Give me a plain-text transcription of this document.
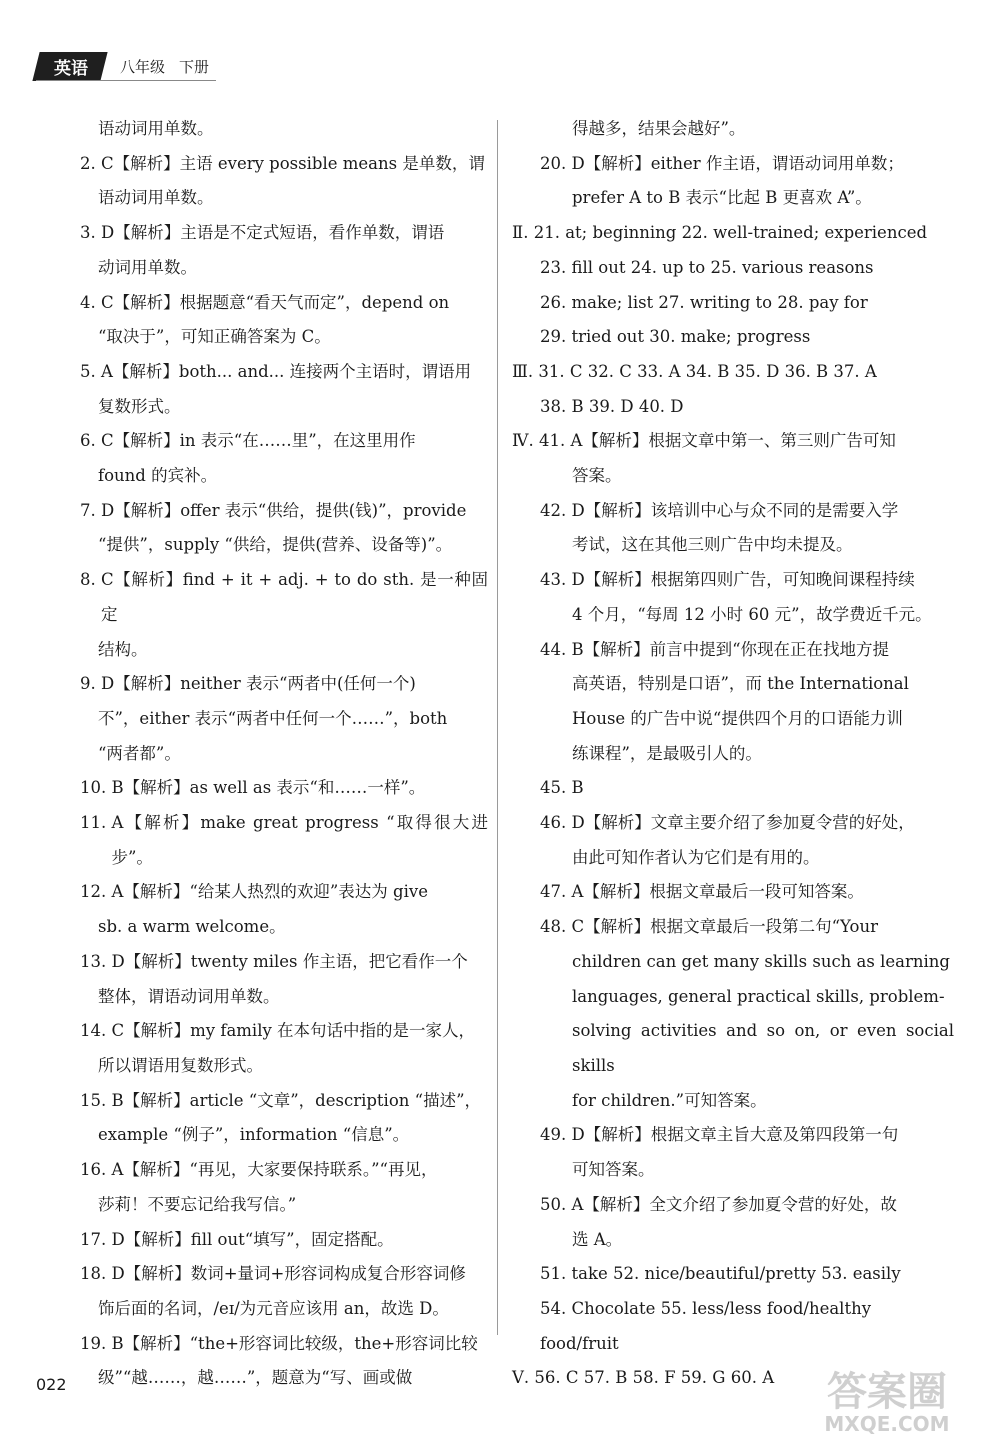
英语	八年级 下册
语动词用单数。
2. C【解析】主语 every possible means 是单数，谓
语动词用单数。
3. D【解析】主语是不定式短语，看作单数，谓语
动词用单数。
4. C【解析】根据题意“看天气而定”，depend on
“取决于”，可知正确答案为 C。
5. A【解析】both... and... 连接两个主语时，谓语用
复数形式。
6. C【解析】in 表示“在……里”，在这里用作
found 的宾补。
7. D【解析】offer 表示“供给，提供(钱)”，provide
“提供”，supply “供给，提供(营养、设备等)”。
8. C【解析】find + it + adj. + to do sth. 是一种固定
结构。
9. D【解析】neither 表示“两者中(任何一个)
不”，either 表示“两者中任何一个……”，both
“两者都”。
10. B【解析】as well as 表示“和……一样”。
11. A【解析】make great progress “取得很大进步”。
12. A【解析】“给某人热烈的欢迎”表达为 give
sb. a warm welcome。
13. D【解析】twenty miles 作主语，把它看作一个
整体，谓语动词用单数。
14. C【解析】my family 在本句话中指的是一家人，
所以谓语用复数形式。
15. B【解析】article “文章”，description “描述”，
example “例子”，information “信息”。
16. A【解析】“再见，大家要保持联系。”“再见，
莎莉！不要忘记给我写信。”
17. D【解析】fill out“填写”，固定搭配。
18. D【解析】数词+量词+形容词构成复合形容词修
饰后面的名词，/eɪ/为元音应该用 an，故选 D。
19. B【解析】“the+形容词比较级，the+形容词比较
级”“越……，越……”，题意为“写、画或做
得越多，结果会越好”。
20. D【解析】either 作主语，谓语动词用单数；
prefer A to B 表示“比起 B 更喜欢 A”。
Ⅱ. 21. at; beginning 22. well-trained; experienced
23. fill out 24. up to 25. various reasons
26. make; list 27. writing to 28. pay for
29. tried out 30. make; progress
Ⅲ. 31. C 32. C 33. A 34. B 35. D 36. B 37. A
38. B 39. D 40. D
Ⅳ. 41. A【解析】根据文章中第一、第三则广告可知
答案。
42. D【解析】该培训中心与众不同的是需要入学
考试，这在其他三则广告中均未提及。
43. D【解析】根据第四则广告，可知晚间课程持续
4 个月，“每周 12 小时 60 元”，故学费近千元。
44. B【解析】前言中提到“你现在正在找地方提
高英语，特别是口语”，而 the International
House 的广告中说“提供四个月的口语能力训
练课程”，是最吸引人的。
45. B
46. D【解析】文章主要介绍了参加夏令营的好处，
由此可知作者认为它们是有用的。
47. A【解析】根据文章最后一段可知答案。
48. C【解析】根据文章最后一段第二句“Your
children can get many skills such as learning
languages, general practical skills, problem-
solving activities and so on, or even social skills
for children.”可知答案。
49. D【解析】根据文章主旨大意及第四段第一句
可知答案。
50. A【解析】全文介绍了参加夏令营的好处，故
选 A。
51. take 52. nice/beautiful/pretty 53. easily
54. Chocolate 55. less/less food/healthy food/fruit
Ⅴ. 56. C 57. B 58. F 59. G 60. A
022	答案圈
MXQE.COM
